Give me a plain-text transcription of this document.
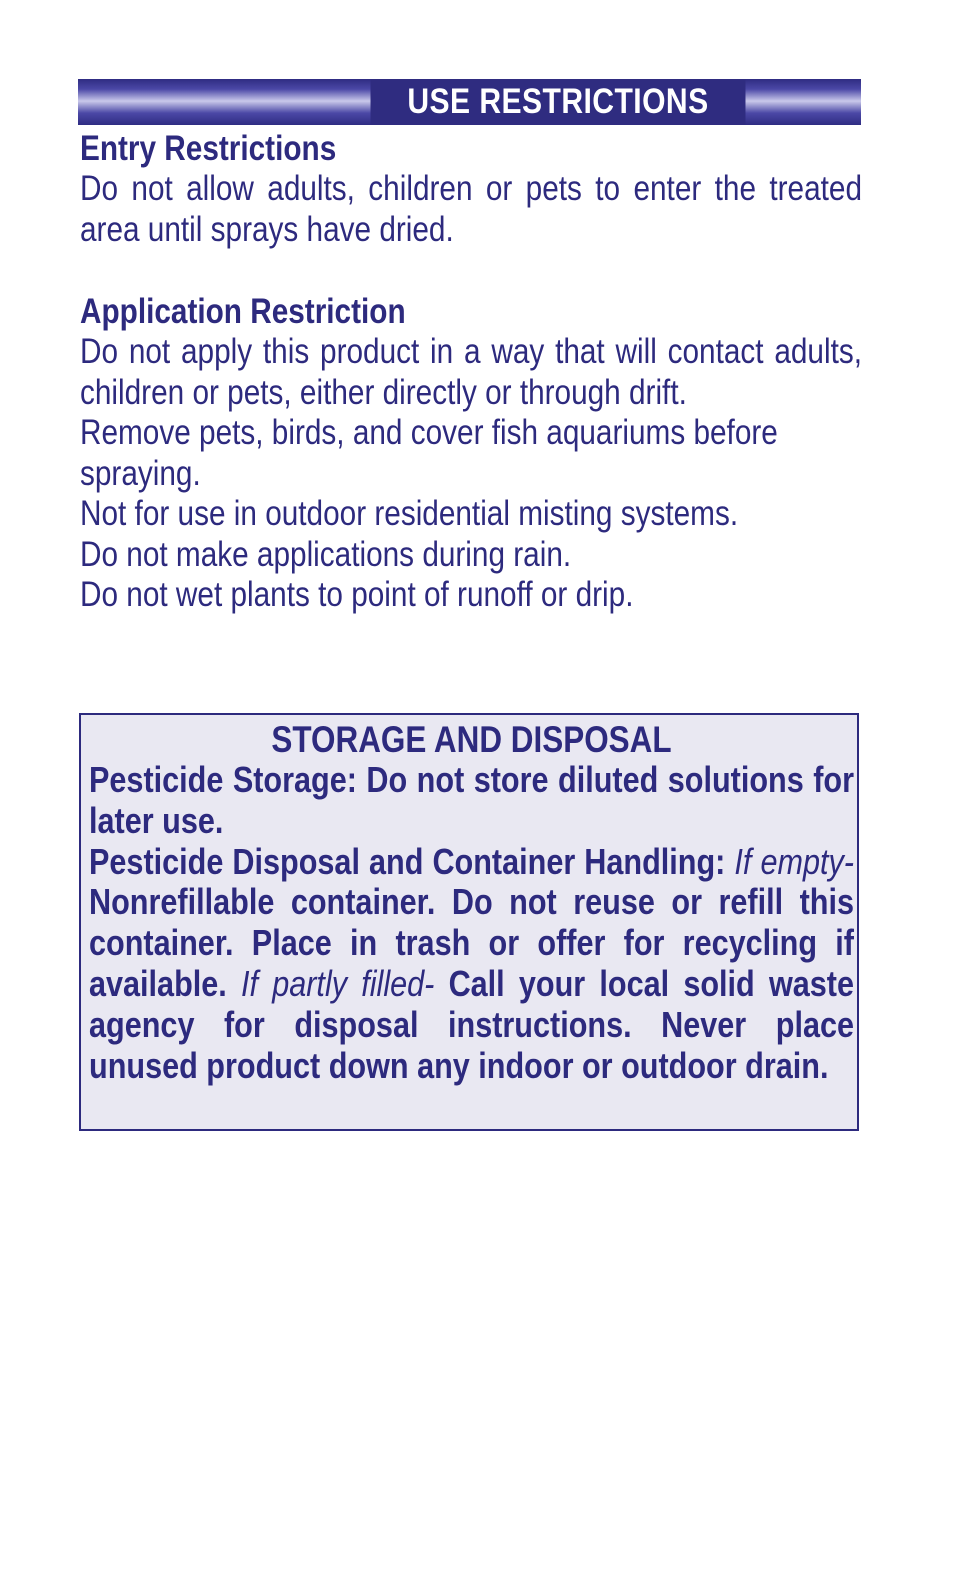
USE RESTRICTIONS
Entry Restrictions
Do not allow adults, children or pets to enter the treated area until sprays have dried.
Application Restriction
Do not apply this product in a way that will contact adults, children or pets, either directly or through drift.
Remove pets, birds, and cover fish aquariums before spraying.
Not for use in outdoor residential misting systems.
Do not make applications during rain.
Do not wet plants to point of runoff or drip.
STORAGE AND DISPOSAL
Pesticide Storage: Do not store diluted solutions for later use.
Pesticide Disposal and Container Handling: If empty- Nonrefillable container. Do not reuse or refill this container. Place in trash or offer for recycling if available. If partly filled- Call your local solid waste agency for disposal instructions. Never place unused product down any indoor or outdoor drain.
